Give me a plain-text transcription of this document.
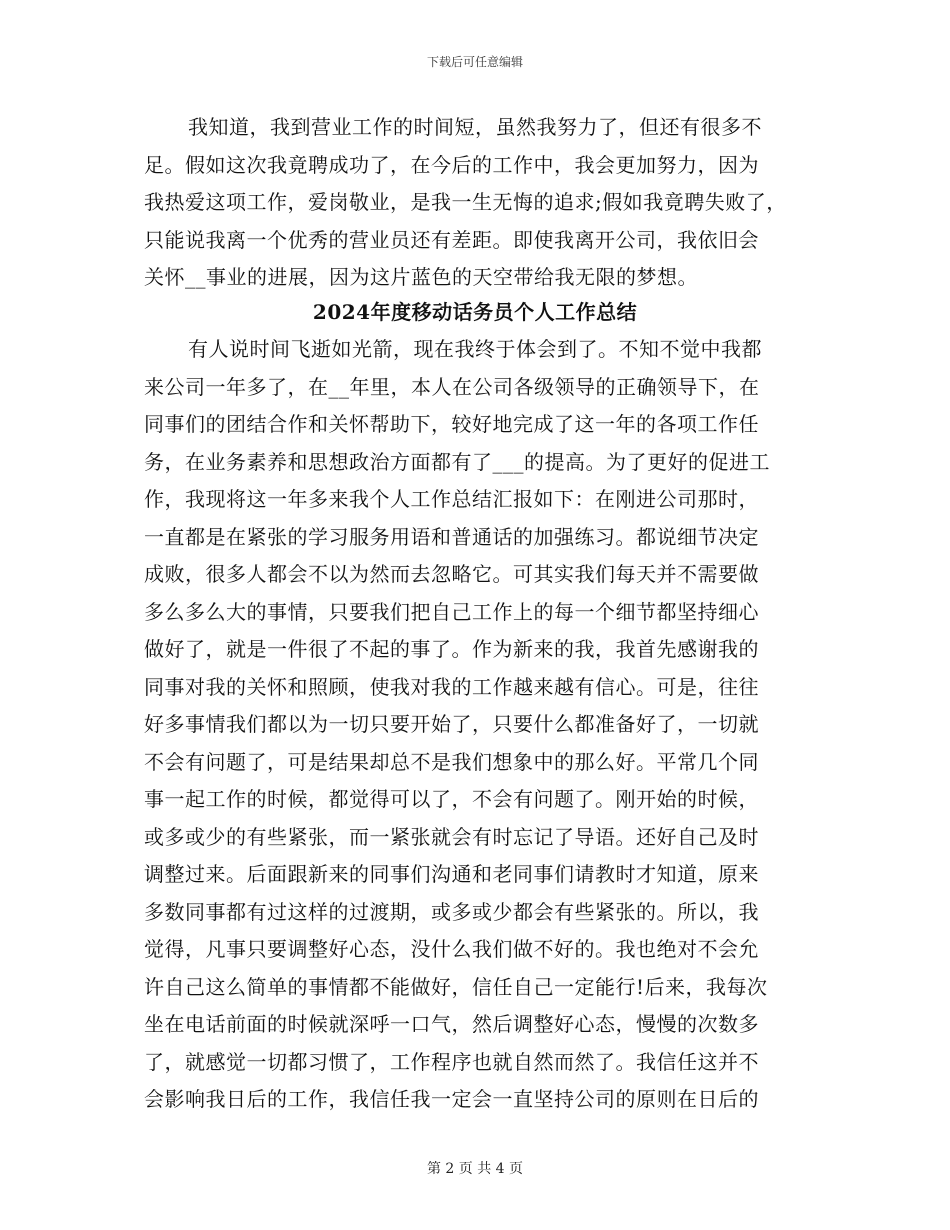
下载后可任意编辑
我知道，我到营业工作的时间短，虽然我努力了，但还有很多不
足。假如这次我竟聘成功了，在今后的工作中，我会更加努力，因为
我热爱这项工作，爱岗敬业，是我一生无悔的追求;假如我竟聘失败了，
只能说我离一个优秀的营业员还有差距。即使我离开公司，我依旧会
关怀__事业的进展，因为这片蓝色的天空带给我无限的梦想。
2024年度移动话务员个人工作总结
有人说时间飞逝如光箭，现在我终于体会到了。不知不觉中我都
来公司一年多了，在__年里，本人在公司各级领导的正确领导下，在
同事们的团结合作和关怀帮助下，较好地完成了这一年的各项工作任
务，在业务素养和思想政治方面都有了___的提高。为了更好的促进工
作，我现将这一年多来我个人工作总结汇报如下：在刚进公司那时，
一直都是在紧张的学习服务用语和普通话的加强练习。都说细节决定
成败，很多人都会不以为然而去忽略它。可其实我们每天并不需要做
多么多么大的事情，只要我们把自己工作上的每一个细节都坚持细心
做好了，就是一件很了不起的事了。作为新来的我，我首先感谢我的
同事对我的关怀和照顾，使我对我的工作越来越有信心。可是，往往
好多事情我们都以为一切只要开始了，只要什么都准备好了，一切就
不会有问题了，可是结果却总不是我们想象中的那么好。平常几个同
事一起工作的时候，都觉得可以了，不会有问题了。刚开始的时候，
或多或少的有些紧张，而一紧张就会有时忘记了导语。还好自己及时
调整过来。后面跟新来的同事们沟通和老同事们请教时才知道，原来
多数同事都有过这样的过渡期，或多或少都会有些紧张的。所以，我
觉得，凡事只要调整好心态，没什么我们做不好的。我也绝对不会允
许自己这么简单的事情都不能做好，信任自己一定能行!后来，我每次
坐在电话前面的时候就深呼一口气，然后调整好心态，慢慢的次数多
了，就感觉一切都习惯了，工作程序也就自然而然了。我信任这并不
会影响我日后的工作，我信任我一定会一直坚持公司的原则在日后的
第 2 页 共 4 页
